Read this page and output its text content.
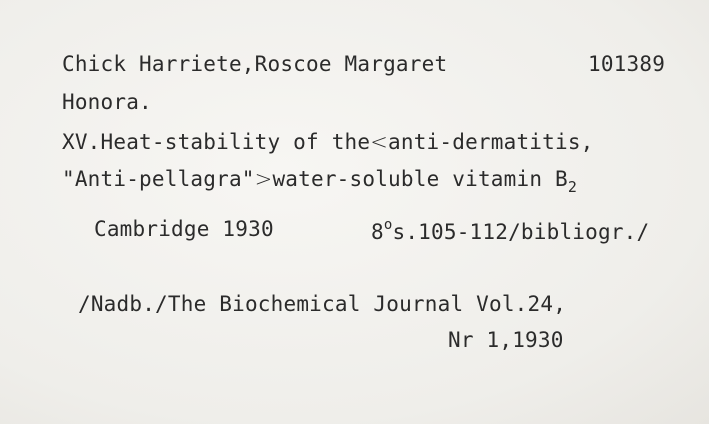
Chick Harriete,Roscoe Margaret	101389
Honora.
XV.Heat-stability of the<anti-dermatitis,
"Anti-pellagra">water-soluble vitamin $B_2$
Cambridge 1930	8$^o$s.105-112/bibliogr./
/Nadb./The Biochemical Journal Vol.24,
Nr 1,1930
